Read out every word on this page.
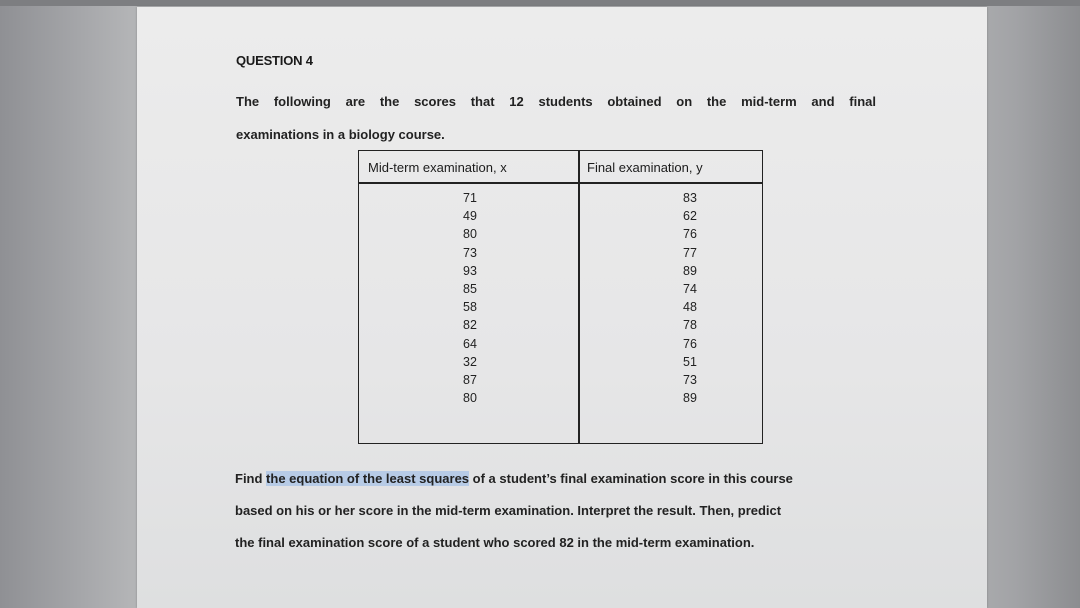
QUESTION 4
The following are the scores that 12 students obtained on the mid-term and final
examinations in a biology course.
Mid-term examination, x	Final examination, y
71
49
80
73
93
85
58
82
64
32
87
80
83
62
76
77
89
74
48
78
76
51
73
89

Find the equation of the least squares of a student’s final examination score in this course
based on his or her score in the mid-term examination. Interpret the result. Then, predict
the final examination score of a student who scored 82 in the mid-term examination.
